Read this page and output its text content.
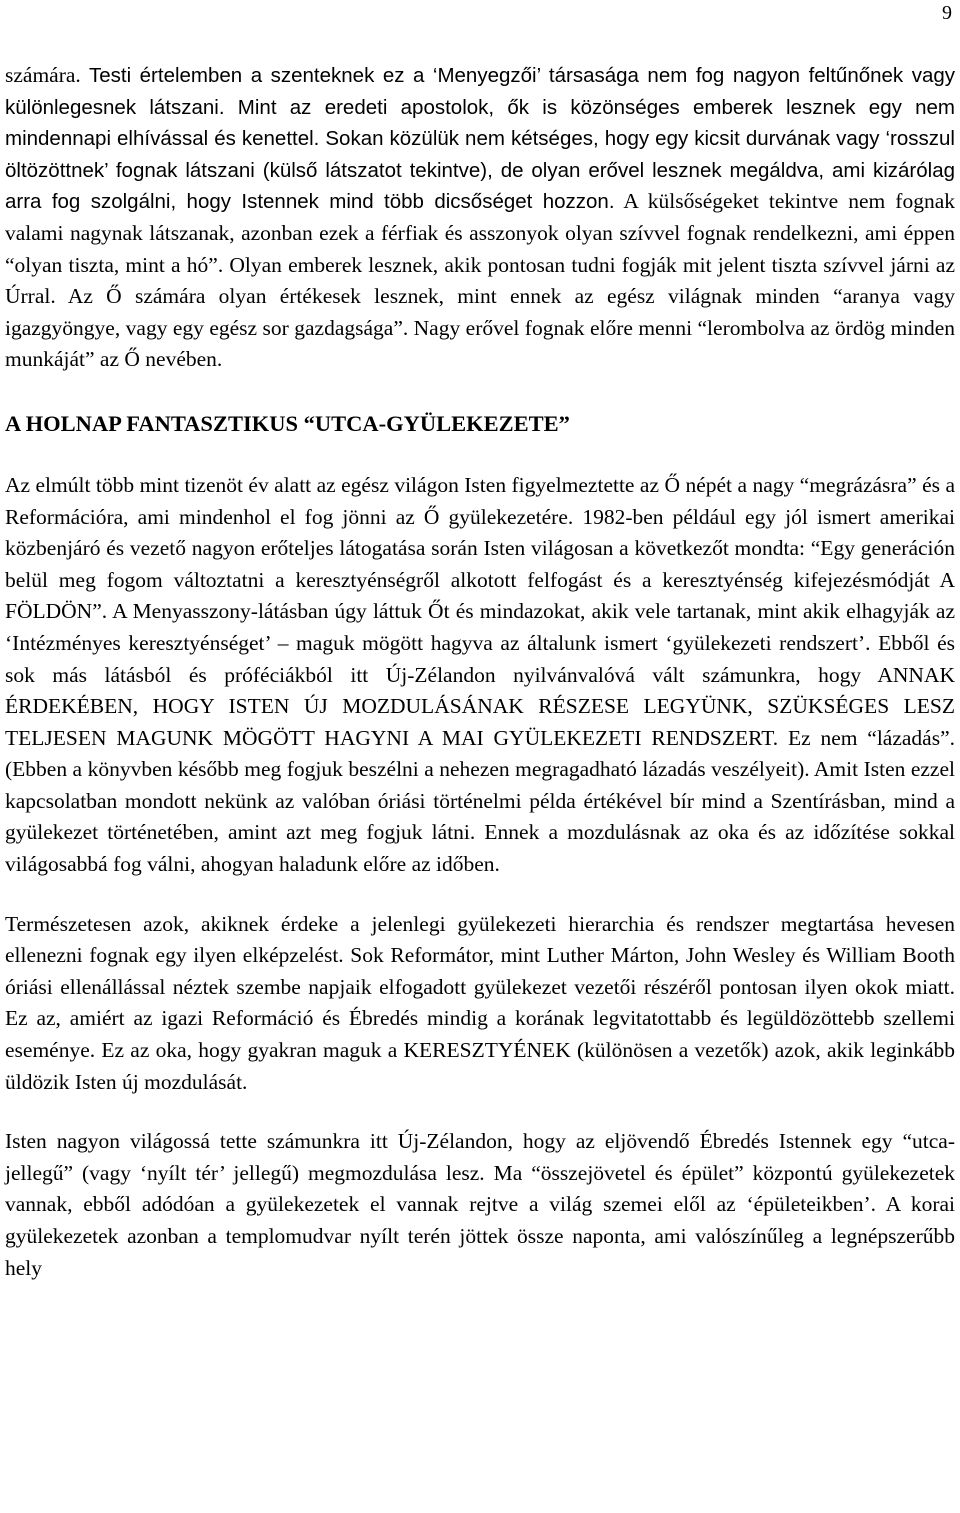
9

számára. Testi értelemben a szenteknek ez a ‘Menyegzői’ társasága nem fog nagyon feltűnőnek vagy különlegesnek látszani. Mint az eredeti apostolok, ők is közönséges emberek lesznek egy nem mindennapi elhívással és kenettel. Sokan közülük nem kétséges, hogy egy kicsit durvának vagy ‘rosszul öltözöttnek’ fognak látszani (külső látszatot tekintve), de olyan erővel lesznek megáldva, ami kizárólag arra fog szolgálni, hogy Istennek mind több dicsőséget hozzon. A külsőségeket tekintve nem fognak valami nagynak látszanak, azonban ezek a férfiak és asszonyok olyan szívvel fognak rendelkezni, ami éppen “olyan tiszta, mint a hó”. Olyan emberek lesznek, akik pontosan tudni fogják mit jelent tiszta szívvel járni az Úrral. Az Ő számára olyan értékesek lesznek, mint ennek az egész világnak minden “aranya vagy igazgyöngye, vagy egy egész sor gazdagsága”. Nagy erővel fognak előre menni “lerombolva az ördög minden munkáját” az Ő nevében.

A HOLNAP FANTASZTIKUS “UTCA-GYÜLEKEZETE”

Az elmúlt több mint tizenöt év alatt az egész világon Isten figyelmeztette az Ő népét a nagy “megrázásra” és a Reformációra, ami mindenhol el fog jönni az Ő gyülekezetére. 1982-ben például egy jól ismert amerikai közbenjáró és vezető nagyon erőteljes látogatása során Isten világosan a következőt mondta: “Egy generáción belül meg fogom változtatni a keresztyénségről alkotott felfogást és a keresztyénség kifejezésmódját A FÖLDÖN”. A Menyasszony-látásban úgy láttuk Őt és mindazokat, akik vele tartanak, mint akik elhagyják az ‘Intézményes keresztyénséget’ – maguk mögött hagyva az általunk ismert ‘gyülekezeti rendszert’. Ebből és sok más látásból és próféciákból itt Új-Zélandon nyilvánvalóvá vált számunkra, hogy ANNAK ÉRDEKÉBEN, HOGY ISTEN ÚJ MOZDULÁSÁNAK RÉSZESE LEGYÜNK, SZÜKSÉGES LESZ TELJESEN MAGUNK MÖGÖTT HAGYNI A MAI GYÜLEKEZETI RENDSZERT. Ez nem “lázadás”. (Ebben a könyvben később meg fogjuk beszélni a nehezen megragadható lázadás veszélyeit). Amit Isten ezzel kapcsolatban mondott nekünk az valóban óriási történelmi példa értékével bír mind a Szentírásban, mind a gyülekezet történetében, amint azt meg fogjuk látni. Ennek a mozdulásnak az oka és az időzítése sokkal világosabbá fog válni, ahogyan haladunk előre az időben.

Természetesen azok, akiknek érdeke a jelenlegi gyülekezeti hierarchia és rendszer megtartása hevesen ellenezni fognak egy ilyen elképzelést. Sok Reformátor, mint Luther Márton, John Wesley és William Booth óriási ellenállással néztek szembe napjaik elfogadott gyülekezet vezetői részéről pontosan ilyen okok miatt. Ez az, amiért az igazi Reformáció és Ébredés mindig a korának legvitatottabb és legüldözöttebb szellemi eseménye. Ez az oka, hogy gyakran maguk a KERESZTYÉNEK (különösen a vezetők) azok, akik leginkább üldözik Isten új mozdulását.

Isten nagyon világossá tette számunkra itt Új-Zélandon, hogy az eljövendő Ébredés Istennek egy “utca-jellegű” (vagy ‘nyílt tér’ jellegű) megmozdulása lesz. Ma “összejövetel és épület” központú gyülekezetek vannak, ebből adódóan a gyülekezetek el vannak rejtve a világ szemei elől az ‘épületeikben’. A korai gyülekezetek azonban a templomudvar nyílt terén jöttek össze naponta, ami valószínűleg a legnépszerűbb hely
